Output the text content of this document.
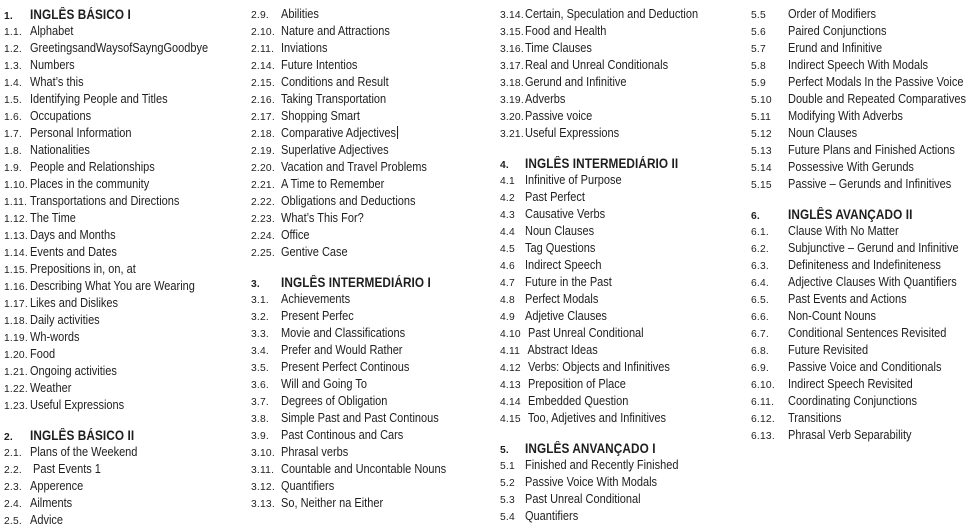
1.	INGLÊS BÁSICO I
1.1. Alphabet
1.2. GreetingsandWaysofSayngGoodbye
1.3. Numbers
1.4. What’s this
1.5. Identifying People and Titles
1.6. Occupations
1.7. Personal Information
1.8. Nationalities
1.9. People and Relationships
1.10. Places in the community
1.11. Transportations and Directions
1.12. The Time
1.13. Days and Months
1.14. Events and Dates
1.15. Prepositions in, on, at
1.16. Describing What You are Wearing
1.17. Likes and Dislikes
1.18. Daily activities
1.19. Wh-words
1.20. Food
1.21. Ongoing activities
1.22. Weather
1.23. Useful Expressions
2.	INGLÊS BÁSICO II
2.1. Plans of the Weekend
2.2. Past Events 1
2.3. Apperence
2.4. Ailments
2.5. Advice
2.9. Abilities
2.10. Nature and Attractions
2.11. Inviations
2.14. Future Intentios
2.15. Conditions and Result
2.16. Taking Transportation
2.17. Shopping Smart
2.18. Comparative Adjectives
2.19. Superlative Adjectives
2.20. Vacation and Travel Problems
2.21. A Time to Remember
2.22. Obligations and Deductions
2.23. What’s This For?
2.24. Office
2.25. Gentive Case
3.	INGLÊS INTERMEDIÁRIO I
3.1. Achievements
3.2. Present Perfec
3.3. Movie and Classifications
3.4. Prefer and Would Rather
3.5. Present Perfect Continous
3.6. Will and Going To
3.7. Degrees of Obligation
3.8. Simple Past and Past Continous
3.9. Past Continous and Cars
3.10. Phrasal verbs
3.11. Countable and Uncontable Nouns
3.12. Quantifiers
3.13. So, Neither na Either
3.14. Certain, Speculation and Deduction
3.15. Food and Health
3.16. Time Clauses
3.17. Real and Unreal Conditionals
3.18. Gerund and Infinitive
3.19. Adverbs
3.20. Passive voice
3.21. Useful Expressions
4.	INGLÊS INTERMEDIÁRIO II
4.1 Infinitive of Purpose
4.2 Past Perfect
4.3 Causative Verbs
4.4 Noun Clauses
4.5 Tag Questions
4.6 Indirect Speech
4.7 Future in the Past
4.8 Perfect Modals
4.9 Adjetive Clauses
4.10 Past Unreal Conditional
4.11 Abstract Ideas
4.12 Verbs: Objects and Infinitives
4.13 Preposition of Place
4.14 Embedded Question
4.15 Too, Adjetives and Infinitives
5.	INGLÊS ANVANÇADO I
5.1 Finished and Recently Finished
5.2 Passive Voice With Modals
5.3 Past Unreal Conditional
5.4 Quantifiers
5.5	Order of Modifiers
5.6	Paired Conjunctions
5.7	Erund and Infinitive
5.8	Indirect Speech With Modals
5.9	Perfect Modals In the Passive Voice
5.10	Double and Repeated Comparatives
5.11	Modifying With Adverbs
5.12	Noun Clauses
5.13	Future Plans and Finished Actions
5.14	Possessive With Gerunds
5.15	Passive – Gerunds and Infinitives
6.	INGLÊS AVANÇADO II
6.1.	Clause With No Matter
6.2.	Subjunctive – Gerund and Infinitive
6.3.	Definiteness and Indefiniteness
6.4.	Adjective Clauses With Quantifiers
6.5.	Past Events and Actions
6.6.	Non-Count Nouns
6.7.	Conditional Sentences Revisited
6.8.	Future Revisited
6.9.	Passive Voice and Conditionals
6.10.	Indirect Speech Revisited
6.11.	Coordinating Conjunctions
6.12.	Transitions
6.13.	Phrasal Verb Separability
